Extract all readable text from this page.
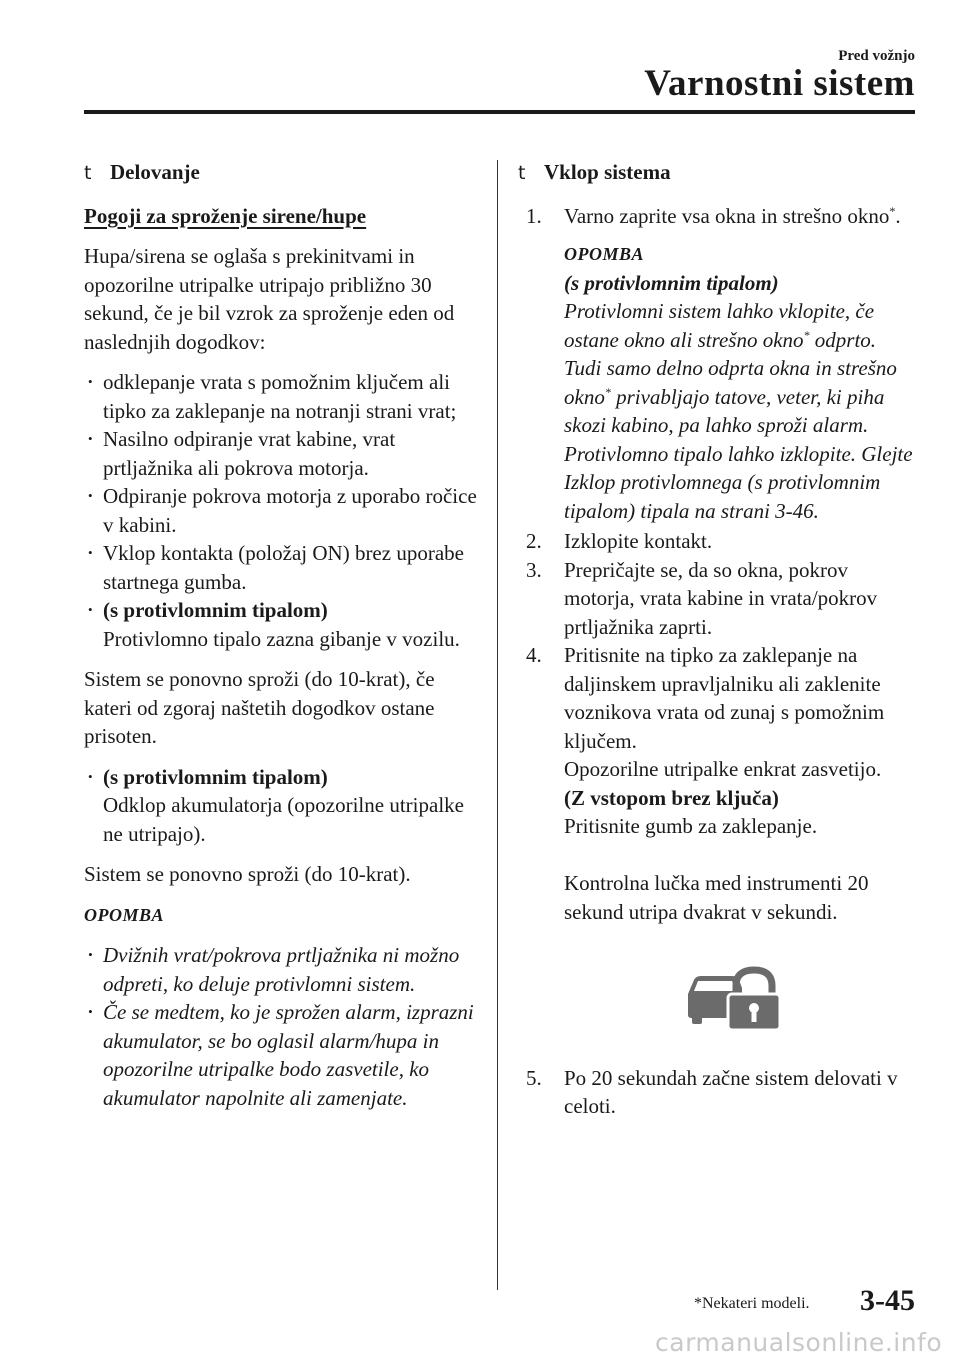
Pred vožnjo
Varnostni sistem
t Delovanje
Pogoji za sproženje sirene/hupe

Hupa/sirena se oglaša s prekinitvami in opozorilne utripalke utripajo približno 30 sekund, če je bil vzrok za sproženje eden od naslednjih dogodkov:

• odklepanje vrata s pomožnim ključem ali tipko za zaklepanje na notranji strani vrat;
• Nasilno odpiranje vrat kabine, vrat prtljažnika ali pokrova motorja.
• Odpiranje pokrova motorja z uporabo ročice v kabini.
• Vklop kontakta (položaj ON) brez uporabe startnega gumba.
• (s protivlomnim tipalom)
Protivlomno tipalo zazna gibanje v vozilu.

Sistem se ponovno sproži (do 10-krat), če kateri od zgoraj naštetih dogodkov ostane prisoten.

• (s protivlomnim tipalom)
Odklop akumulatorja (opozorilne utripalke ne utripajo).

Sistem se ponovno sproži (do 10-krat).

OPOMBA
• Dvižnih vrat/pokrova prtljažnika ni možno odpreti, ko deluje protivlomni sistem.
• Če se medtem, ko je sprožen alarm, izprazni akumulator, se bo oglasil alarm/hupa in opozorilne utripalke bodo zasvetile, ko akumulator napolnite ali zamenjate.
t Vklop sistema
1.	Varno zaprite vsa okna in strešno okno*.
OPOMBA
(s protivlomnim tipalom)
Protivlomni sistem lahko vklopite, če ostane okno ali strešno okno* odprto. Tudi samo delno odprta okna in strešno okno* privabljajo tatove, veter, ki piha skozi kabino, pa lahko sproži alarm.
Protivlomno tipalo lahko izklopite. Glejte Izklop protivlomnega (s protivlomnim tipalom) tipala na strani 3-46.
2.	Izklopite kontakt.
3.	Prepričajte se, da so okna, pokrov motorja, vrata kabine in vrata/pokrov prtljažnika zaprti.
4.	Pritisnite na tipko za zaklepanje na daljinskem upravljalniku ali zaklenite voznikova vrata od zunaj s pomožnim ključem.
Opozorilne utripalke enkrat zasvetijo.
(Z vstopom brez ključa)
Pritisnite gumb za zaklepanje.

Kontrolna lučka med instrumenti 20 sekund utripa dvakrat v sekundi.
5.	Po 20 sekundah začne sistem delovati v celoti.
*Nekateri modeli. 3-45
carmanualsonline.info
